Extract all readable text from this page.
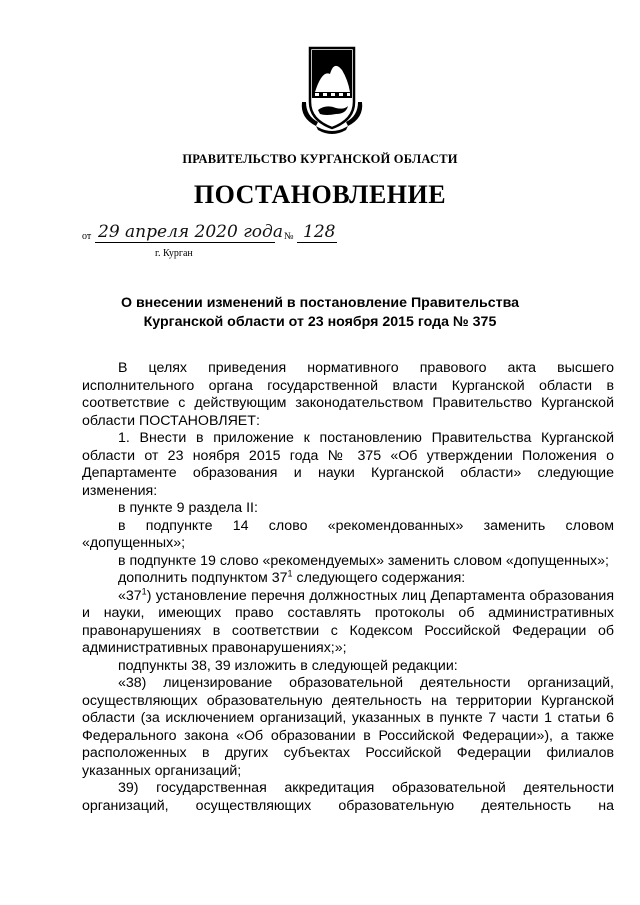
ПРАВИТЕЛЬСТВО КУРГАНСКОЙ ОБЛАСТИ
ПОСТАНОВЛЕНИЕ
от 29 апреля 2020 года № 128
г. Курган
О внесении изменений в постановление Правительства
Курганской области от 23 ноября 2015 года № 375

В целях приведения нормативного правового акта высшего исполнительного органа государственной власти Курганской области в соответствие с действующим законодательством Правительство Курганской области ПОСТАНОВЛЯЕТ:

1. Внести в приложение к постановлению Правительства Курганской области от 23 ноября 2015 года № 375 «Об утверждении Положения о Департаменте образования и науки Курганской области» следующие изменения:

в пункте 9 раздела II:

в подпункте 14 слово «рекомендованных» заменить словом «допущенных»;

в подпункте 19 слово «рекомендуемых» заменить словом «допущенных»;

дополнить подпунктом $37^1$ следующего содержания:

«$37^1$) установление перечня должностных лиц Департамента образования и науки, имеющих право составлять протоколы об административных правонарушениях в соответствии с Кодексом Российской Федерации об административных правонарушениях;»;

подпункты 38, 39 изложить в следующей редакции:

«38) лицензирование образовательной деятельности организаций, осуществляющих образовательную деятельность на территории Курганской области (за исключением организаций, указанных в пункте 7 части 1 статьи 6 Федерального закона «Об образовании в Российской Федерации»), а также расположенных в других субъектах Российской Федерации филиалов указанных организаций;

39) государственная аккредитация образовательной деятельности организаций, осуществляющих образовательную деятельность на
